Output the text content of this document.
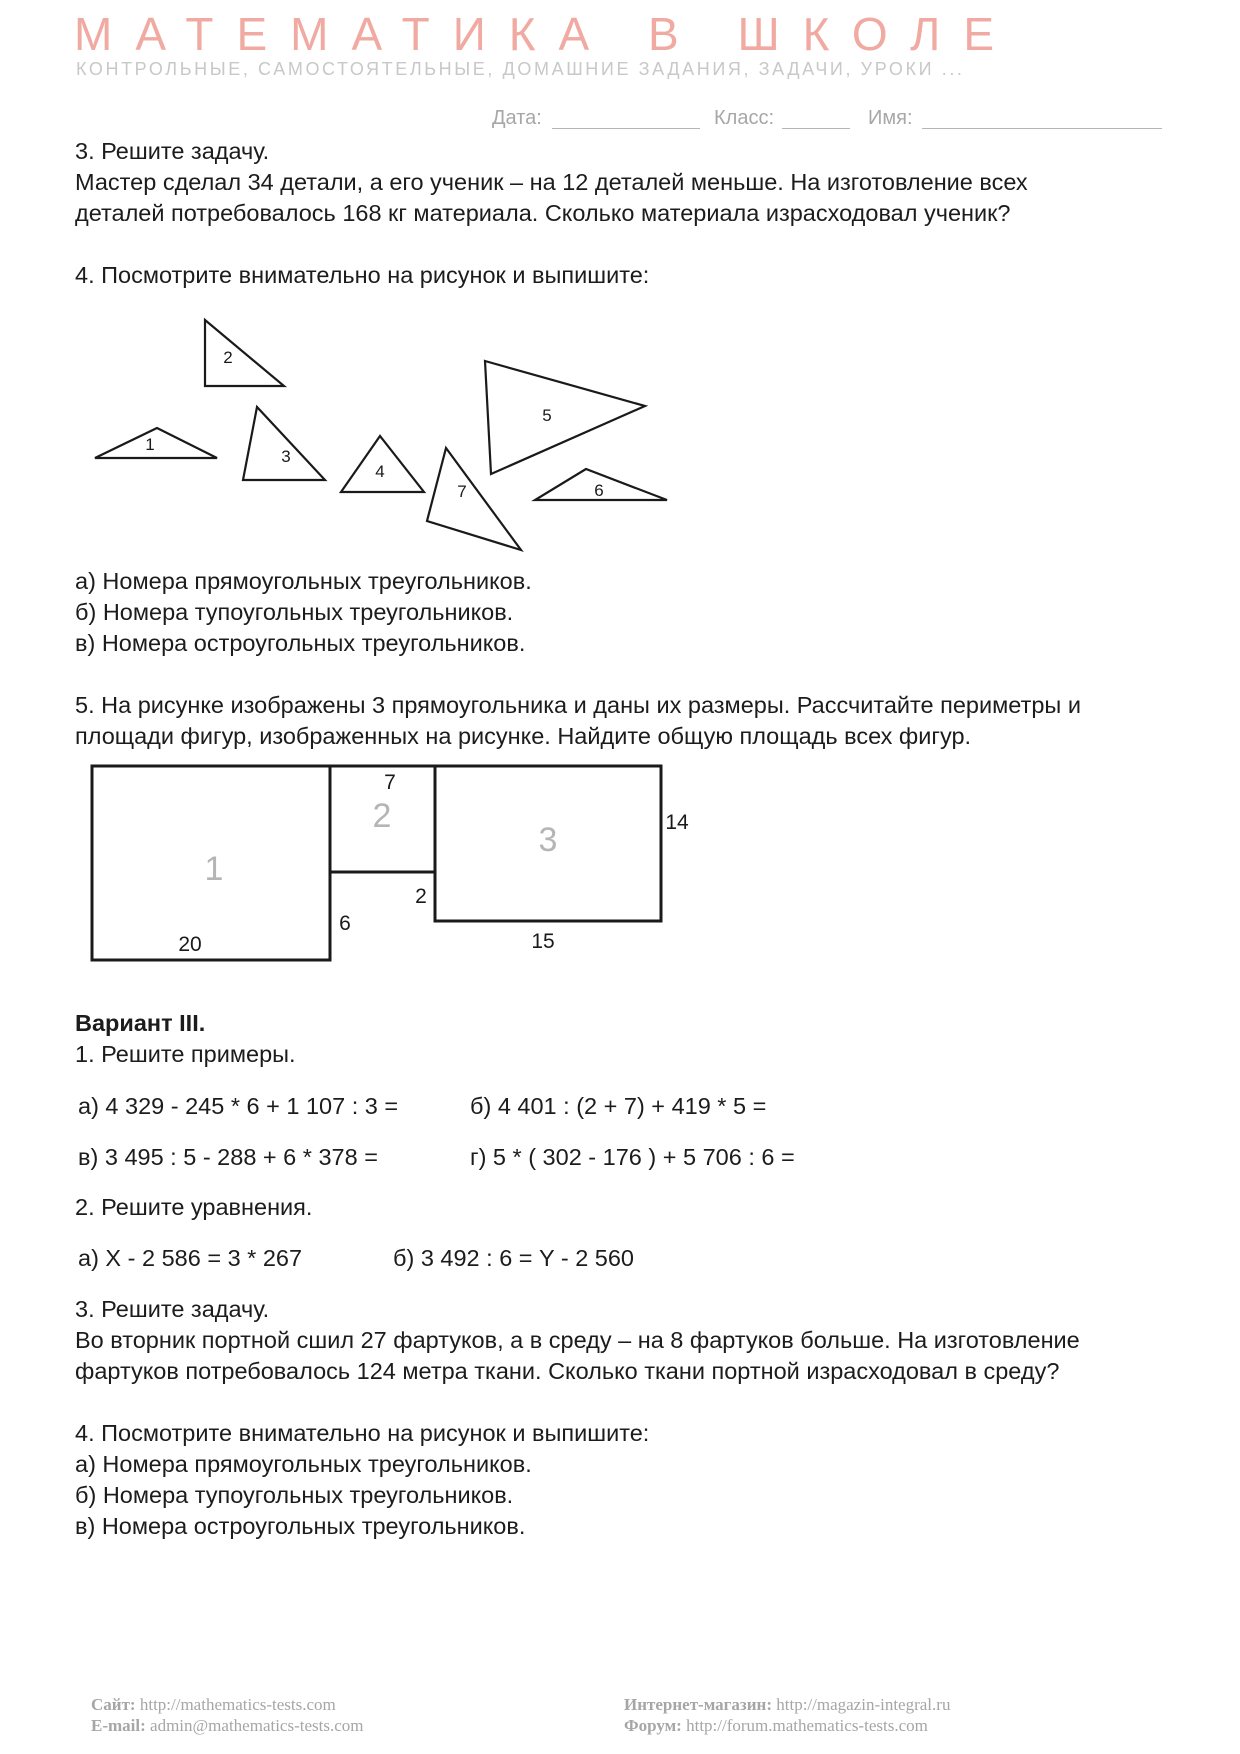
МАТЕМАТИКА В ШКОЛЕ
КОНТРОЛЬНЫЕ, САМОСТОЯТЕЛЬНЫЕ, ДОМАШНИЕ ЗАДАНИЯ, ЗАДАЧИ, УРОКИ ...
Дата:	Класс:	Имя:
3. Решите задачу.
Мастер сделал 34 детали, а его ученик – на 12 деталей меньше. На изготовление всех
деталей потребовалось 168 кг материала. Сколько материала израсходовал ученик?
4. Посмотрите внимательно на рисунок и выпишите:
1
2
3
4
5
6
7
а) Номера прямоугольных треугольников.
б) Номера тупоугольных треугольников.
в) Номера остроугольных треугольников.
5. На рисунке изображены 3 прямоугольника и даны их размеры. Рассчитайте периметры и
площади фигур, изображенных на рисунке. Найдите общую площадь всех фигур.
1
2
3
20
6
7
2
14
15
Вариант III.
1. Решите примеры.
а) 4 329 - 245 * 6 + 1 107 : 3 =	б) 4 401 : (2 + 7) + 419 * 5 =
в) 3 495 : 5 - 288 + 6 * 378 =	г) 5 * ( 302 - 176 ) + 5 706 : 6 =
2. Решите уравнения.
а) X - 2 586 = 3 * 267	б) 3 492 : 6 = Y - 2 560
3. Решите задачу.
Во вторник портной сшил 27 фартуков, а в среду – на 8 фартуков больше. На изготовление
фартуков потребовалось 124 метра ткани. Сколько ткани портной израсходовал в среду?
4. Посмотрите внимательно на рисунок и выпишите:
а) Номера прямоугольных треугольников.
б) Номера тупоугольных треугольников.
в) Номера остроугольных треугольников.
Сайт: http://mathematics-tests.com
E-mail: admin@mathematics-tests.com
Интернет-магазин: http://magazin-integral.ru
Форум: http://forum.mathematics-tests.com
